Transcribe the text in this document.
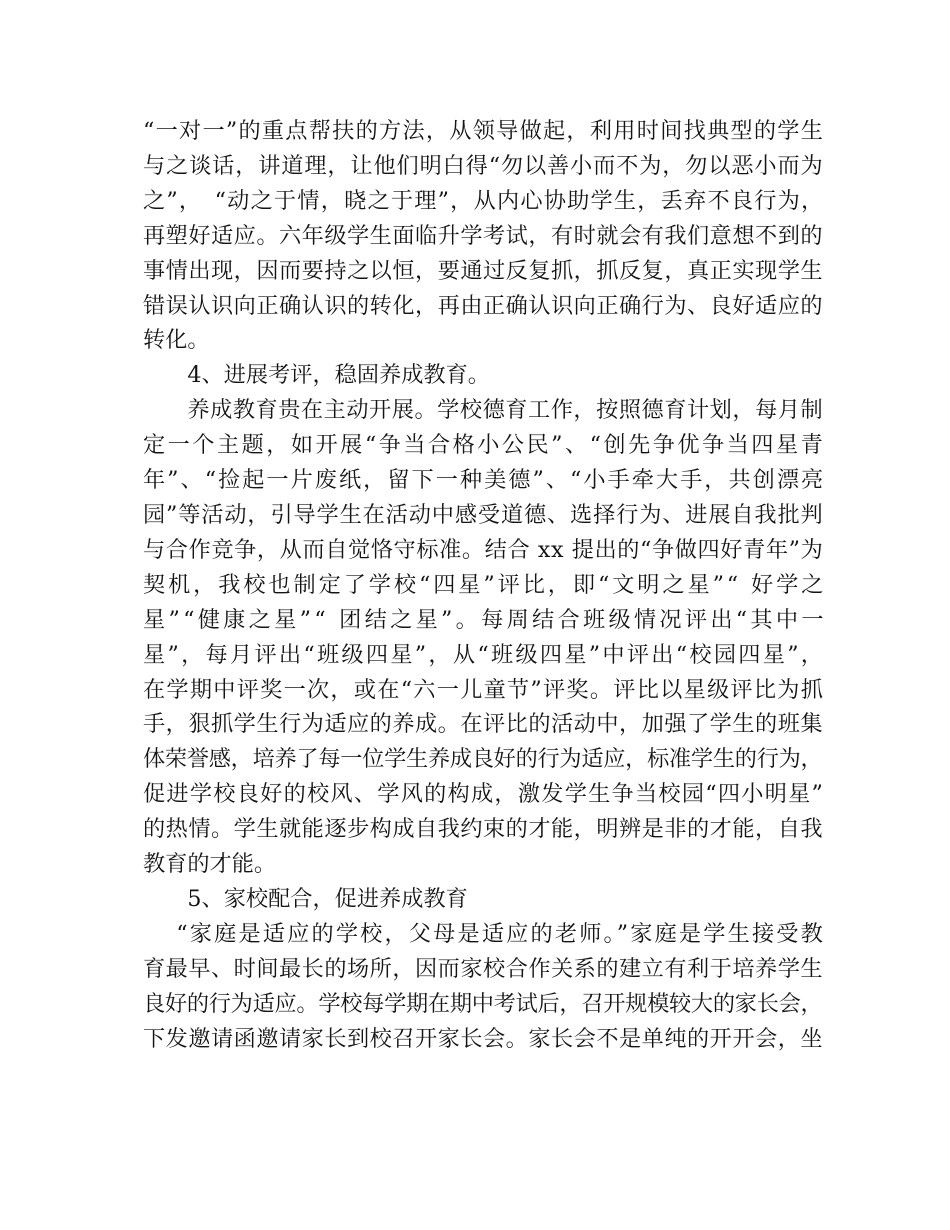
“一对一”的重点帮扶的方法，从领导做起，利用时间找典型的学生
与之谈话，讲道理，让他们明白得“勿以善小而不为，勿以恶小而为
之”，　“动之于情，晓之于理”，从内心协助学生，丢弃不良行为，
再塑好适应。六年级学生面临升学考试，有时就会有我们意想不到的
事情出现，因而要持之以恒，要通过反复抓，抓反复，真正实现学生
错误认识向正确认识的转化，再由正确认识向正确行为、良好适应的
转化。

4、进展考评，稳固养成教育。

养成教育贵在主动开展。学校德育工作，按照德育计划，每月制
定一个主题，如开展“争当合格小公民”、“创先争优争当四星青
年”、“捡起一片废纸，留下一种美德”、“小手牵大手，共创漂亮
园”等活动，引导学生在活动中感受道德、选择行为、进展自我批判
与合作竞争，从而自觉恪守标准。结合 xx 提出的“争做四好青年”为
契机，我校也制定了学校“四星”评比，即“文明之星”“ 好学之
星”“健康之星”“ 团结之星”。每周结合班级情况评出“其中一
星”，每月评出“班级四星”，从“班级四星”中评出“校园四星”，
在学期中评奖一次，或在“六一儿童节”评奖。评比以星级评比为抓
手，狠抓学生行为适应的养成。在评比的活动中，加强了学生的班集
体荣誉感，培养了每一位学生养成良好的行为适应，标准学生的行为，
促进学校良好的校风、学风的构成，激发学生争当校园“四小明星”
的热情。学生就能逐步构成自我约束的才能，明辨是非的才能，自我
教育的才能。

5、家校配合，促进养成教育

“家庭是适应的学校，父母是适应的老师。”家庭是学生接受教
育最早、时间最长的场所，因而家校合作关系的建立有利于培养学生
良好的行为适应。学校每学期在期中考试后，召开规模较大的家长会，
下发邀请函邀请家长到校召开家长会。家长会不是单纯的开开会，坐
